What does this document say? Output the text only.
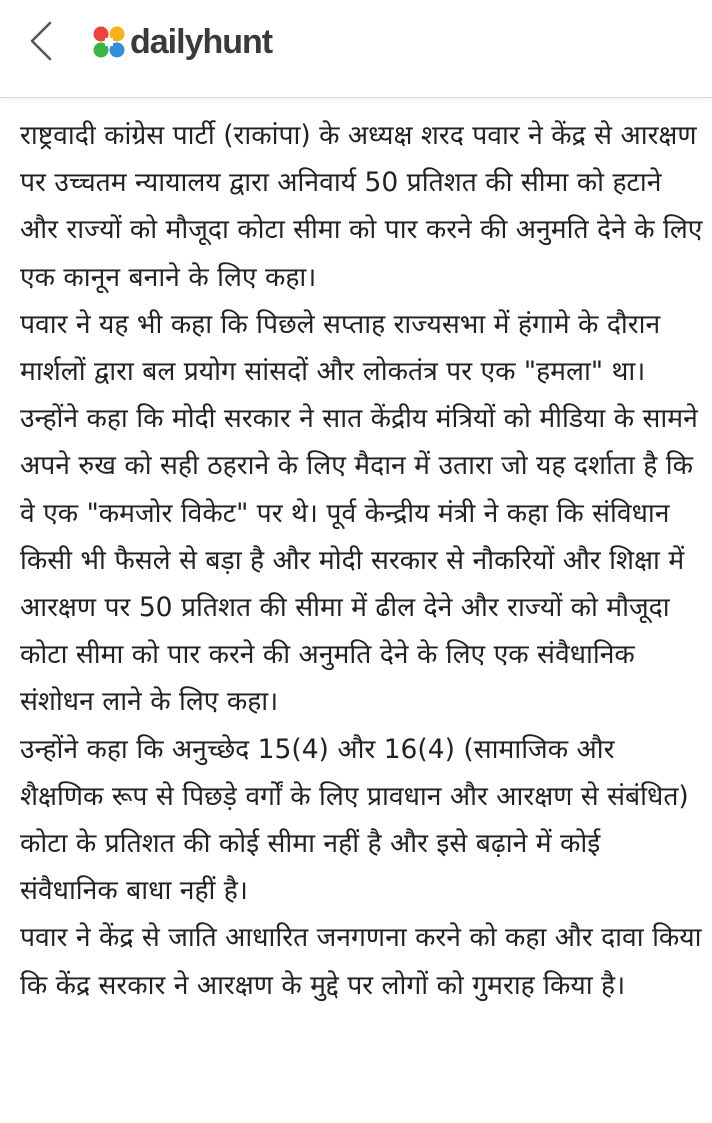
dailyhunt

राष्ट्रवादी कांग्रेस पार्टी (राकांपा) के अध्यक्ष शरद पवार ने केंद्र से आरक्षण पर उच्चतम न्यायालय द्वारा अनिवार्य 50 प्रतिशत की सीमा को हटाने और राज्यों को मौजूदा कोटा सीमा को पार करने की अनुमति देने के लिए एक कानून बनाने के लिए कहा।

पवार ने यह भी कहा कि पिछले सप्ताह राज्यसभा में हंगामे के दौरान मार्शलों द्वारा बल प्रयोग सांसदों और लोकतंत्र पर एक "हमला" था। उन्होंने कहा कि मोदी सरकार ने सात केंद्रीय मंत्रियों को मीडिया के सामने अपने रुख को सही ठहराने के लिए मैदान में उतारा जो यह दर्शाता है कि वे एक "कमजोर विकेट" पर थे। पूर्व केन्द्रीय मंत्री ने कहा कि संविधान किसी भी फैसले से बड़ा है और मोदी सरकार से नौकरियों और शिक्षा में आरक्षण पर 50 प्रतिशत की सीमा में ढील देने और राज्यों को मौजूदा कोटा सीमा को पार करने की अनुमति देने के लिए एक संवैधानिक संशोधन लाने के लिए कहा।

उन्होंने कहा कि अनुच्छेद 15(4) और 16(4) (सामाजिक और शैक्षणिक रूप से पिछड़े वर्गों के लिए प्रावधान और आरक्षण से संबंधित) कोटा के प्रतिशत की कोई सीमा नहीं है और इसे बढ़ाने में कोई संवैधानिक बाधा नहीं है।

पवार ने केंद्र से जाति आधारित जनगणना करने को कहा और दावा किया कि केंद्र सरकार ने आरक्षण के मुद्दे पर लोगों को गुमराह किया है।
